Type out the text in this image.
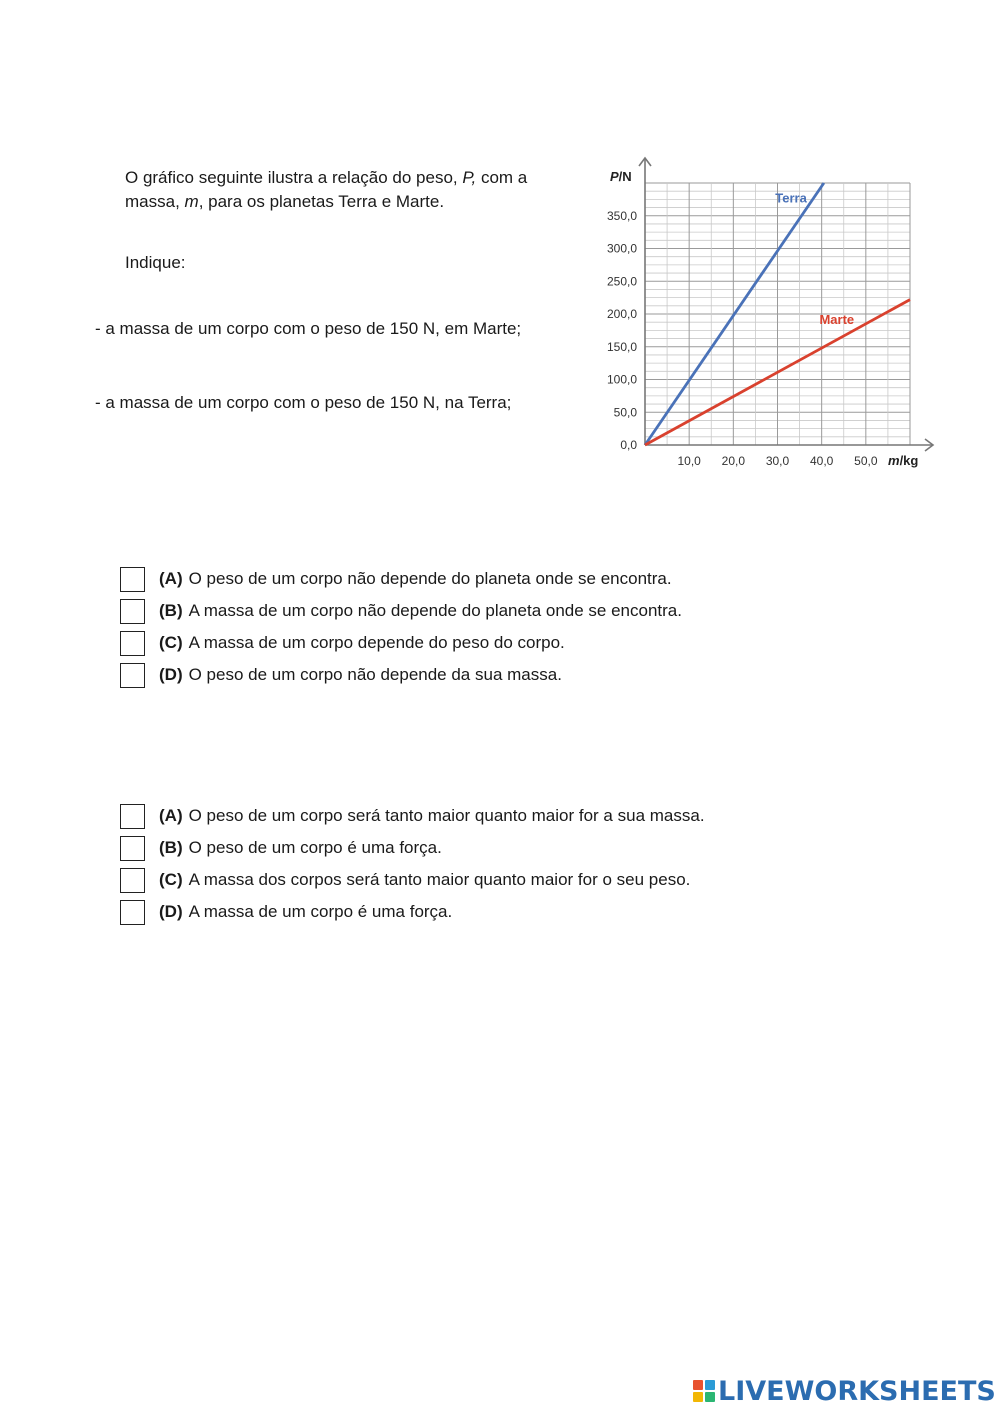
O gráfico seguinte ilustra a relação do peso, P, com a
massa, m, para os planetas Terra e Marte.
Indique:
- a massa de um corpo com o peso de 150 N, em Marte;
- a massa de um corpo com o peso de 150 N, na Terra;
0,0
50,0
100,0
150,0
200,0
250,0
300,0
350,0
10,0 20,0 30,0 40,0 50,0
P/N
m/kg
Terra
Marte
(A) O peso de um corpo não depende do planeta onde se encontra.
(B) A massa de um corpo não depende do planeta onde se encontra.
(C) A massa de um corpo depende do peso do corpo.
(D) O peso de um corpo não depende da sua massa.
(A) O peso de um corpo será tanto maior quanto maior for a sua massa.
(B) O peso de um corpo é uma força.
(C) A massa dos corpos será tanto maior quanto maior for o seu peso.
(D) A massa de um corpo é uma força.
LIVEWORKSHEETS
